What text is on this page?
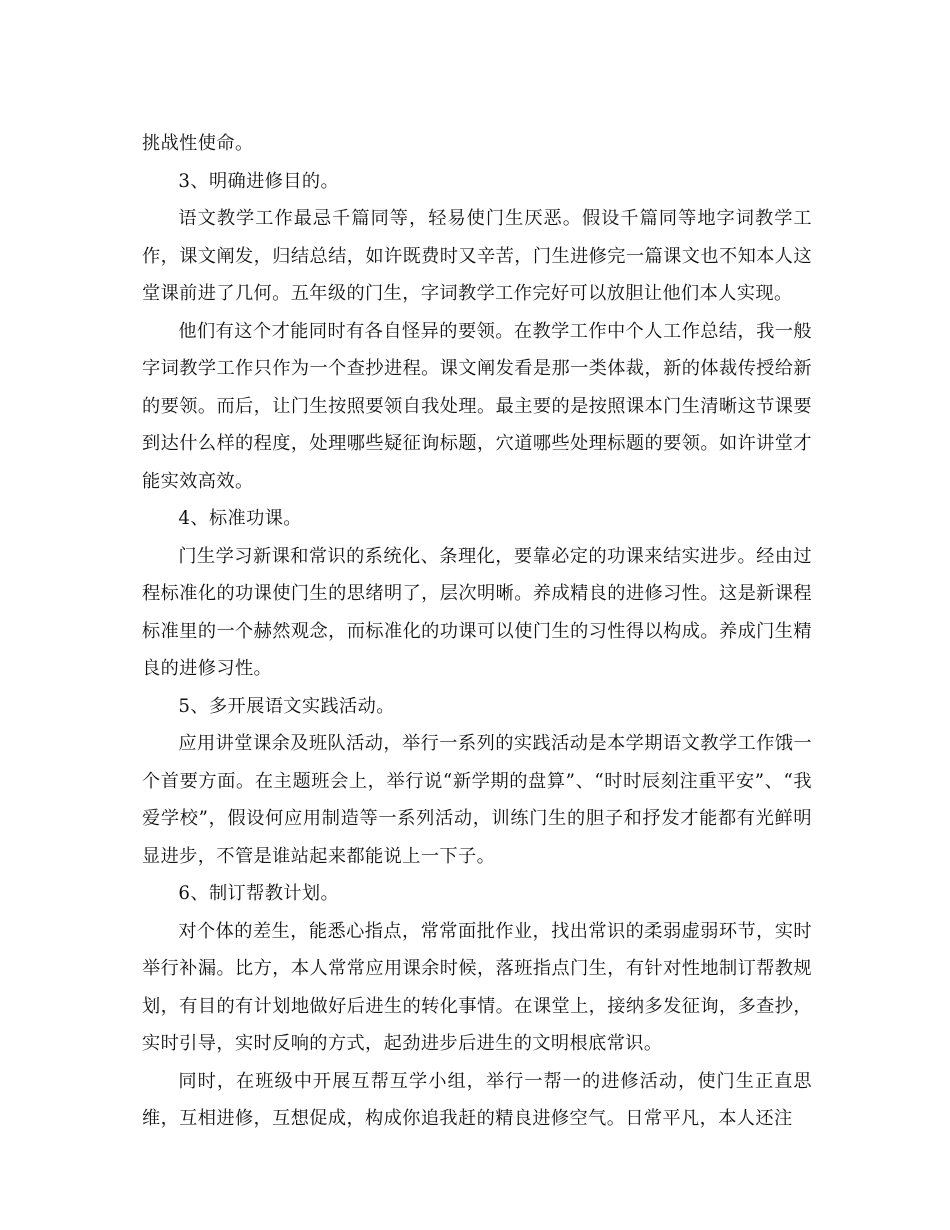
挑战性使命。

3、明确进修目的。

语文教学工作最忌千篇同等，轻易使门生厌恶。假设千篇同等地字词教学工作，课文阐发，归结总结，如许既费时又辛苦，门生进修完一篇课文也不知本人这堂课前进了几何。五年级的门生，字词教学工作完好可以放胆让他们本人实现。

他们有这个才能同时有各自怪异的要领。在教学工作中个人工作总结，我一般字词教学工作只作为一个查抄进程。课文阐发看是那一类体裁，新的体裁传授给新的要领。而后，让门生按照要领自我处理。最主要的是按照课本门生清晰这节课要到达什么样的程度，处理哪些疑征询标题，穴道哪些处理标题的要领。如许讲堂才能实效高效。

4、标准功课。

门生学习新课和常识的系统化、条理化，要靠必定的功课来结实进步。经由过程标准化的功课使门生的思绪明了，层次明晰。养成精良的进修习性。这是新课程标准里的一个赫然观念，而标准化的功课可以使门生的习性得以构成。养成门生精良的进修习性。

5、多开展语文实践活动。

应用讲堂课余及班队活动，举行一系列的实践活动是本学期语文教学工作饿一个首要方面。在主题班会上，举行说“新学期的盘算”、“时时辰刻注重平安”、“我爱学校”，假设何应用制造等一系列活动，训练门生的胆子和抒发才能都有光鲜明显进步，不管是谁站起来都能说上一下子。

6、制订帮教计划。

对个体的差生，能悉心指点，常常面批作业，找出常识的柔弱虚弱环节，实时举行补漏。比方，本人常常应用课余时候，落班指点门生，有针对性地制订帮教规划，有目的有计划地做好后进生的转化事情。在课堂上，接纳多发征询，多查抄，实时引导，实时反响的方式，起劲进步后进生的文明根底常识。

同时，在班级中开展互帮互学小组，举行一帮一的进修活动，使门生正直思维，互相进修，互想促成，构成你追我赶的精良进修空气。日常平凡，本人还注
